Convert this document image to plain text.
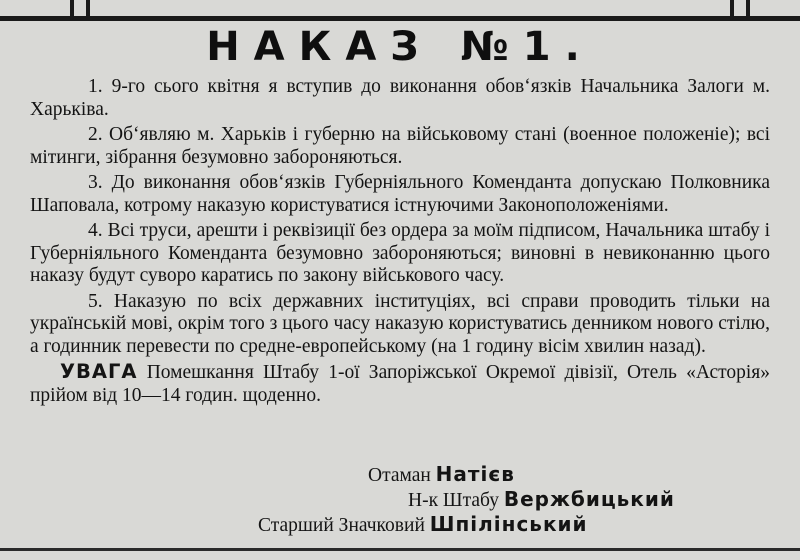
НАКАЗ №1.

1. 9-го сього квітня я вступив до виконання обов‘язків Начальника Залоги м. Харьківа.

2. Об‘являю м. Харьків і губерню на військовому стані (военное положеніе); всі мітинги, зібрання безумовно забороняються.

3. До виконання обов‘язків Губерніяльного Коменданта допускаю Полковника Шаповала, котрому наказую користуватися істнуючими Законоположеніями.

4. Всі труси, арешти і реквізиції без ордера за моїм підписом, Начальника штабу і Губерніяльного Коменданта безумовно забороняються; виновні в невиконанню цього наказу будут суворо каратись по закону військового часу.

5. Наказую по всіх державних інституціях, всі справи проводить тільки на українській мові, окрім того з цього часу наказую користуватись денником нового стілю, а годинник перевести по средне-европейському (на 1 годину вісім хвилин назад).

УВАГА Помешкання Штабу 1-ої Запоріжської Окремої дівізії, Отель «Асторія» прійом від 10—14 годин. щоденно.

Отаман Натієв
Н-к Штабу Вержбицький
Старший Значковий Шпілінський
